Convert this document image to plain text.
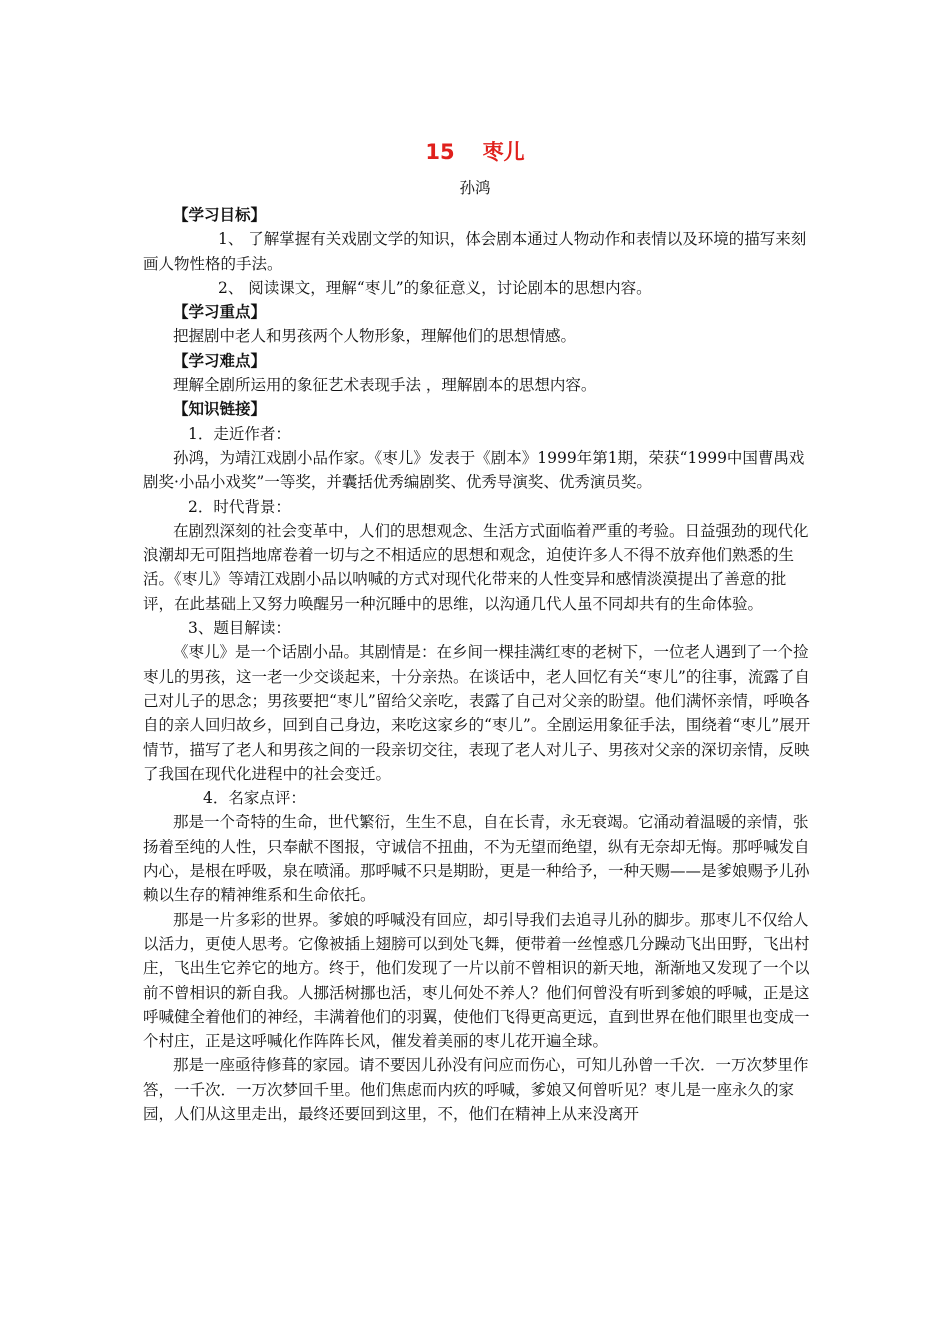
15 枣儿
孙鸿

【学习目标】

1、 了解掌握有关戏剧文学的知识，体会剧本通过人物动作和表情以及环境的描写来刻画人物性格的手法。

2、 阅读课文，理解“枣儿”的象征意义，讨论剧本的思想内容。

【学习重点】

把握剧中老人和男孩两个人物形象，理解他们的思想情感。

【学习难点】

理解全剧所运用的象征艺术表现手法 ，理解剧本的思想内容。

【知识链接】

1．走近作者：

孙鸿，为靖江戏剧小品作家。《枣儿》发表于《剧本》1999年第1期，荣获“1999中国曹禺戏剧奖·小品小戏奖”一等奖，并囊括优秀编剧奖、优秀导演奖、优秀演员奖。

2．时代背景：

在剧烈深刻的社会变革中，人们的思想观念、生活方式面临着严重的考验。日益强劲的现代化浪潮却无可阻挡地席卷着一切与之不相适应的思想和观念，迫使许多人不得不放弃他们熟悉的生活。《枣儿》等靖江戏剧小品以呐喊的方式对现代化带来的人性变异和感情淡漠提出了善意的批评，在此基础上又努力唤醒另一种沉睡中的思维，以沟通几代人虽不同却共有的生命体验。

3、题目解读：

《枣儿》是一个话剧小品。其剧情是：在乡间一棵挂满红枣的老树下，一位老人遇到了一个捡枣儿的男孩，这一老一少交谈起来，十分亲热。在谈话中，老人回忆有关“枣儿”的往事，流露了自己对儿子的思念；男孩要把“枣儿”留给父亲吃，表露了自己对父亲的盼望。他们满怀亲情，呼唤各自的亲人回归故乡，回到自己身边，来吃这家乡的“枣儿”。全剧运用象征手法，围绕着“枣儿”展开情节，描写了老人和男孩之间的一段亲切交往，表现了老人对儿子、男孩对父亲的深切亲情，反映了我国在现代化进程中的社会变迁。

4．名家点评：

那是一个奇特的生命，世代繁衍，生生不息，自在长青，永无衰竭。它涌动着温暖的亲情，张扬着至纯的人性，只奉献不图报，守诚信不扭曲，不为无望而绝望，纵有无奈却无悔。那呼喊发自内心，是根在呼吸，泉在喷涌。那呼喊不只是期盼，更是一种给予，一种天赐——是爹娘赐予儿孙赖以生存的精神维系和生命依托。

那是一片多彩的世界。爹娘的呼喊没有回应，却引导我们去追寻儿孙的脚步。那枣儿不仅给人以活力，更使人思考。它像被插上翅膀可以到处飞舞，便带着一丝惶惑几分躁动飞出田野，飞出村庄，飞出生它养它的地方。终于，他们发现了一片以前不曾相识的新天地，渐渐地又发现了一个以前不曾相识的新自我。人挪活树挪也活，枣儿何处不养人？他们何曾没有听到爹娘的呼喊，正是这呼喊健全着他们的神经，丰满着他们的羽翼，使他们飞得更高更远，直到世界在他们眼里也变成一个村庄，正是这呼喊化作阵阵长风，催发着美丽的枣儿花开遍全球。

那是一座亟待修葺的家园。请不要因儿孙没有问应而伤心，可知儿孙曾一千次．一万次梦里作答，一千次．一万次梦回千里。他们焦虑而内疚的呼喊，爹娘又何曾听见？枣儿是一座永久的家园，人们从这里走出，最终还要回到这里，不，他们在精神上从来没离开
